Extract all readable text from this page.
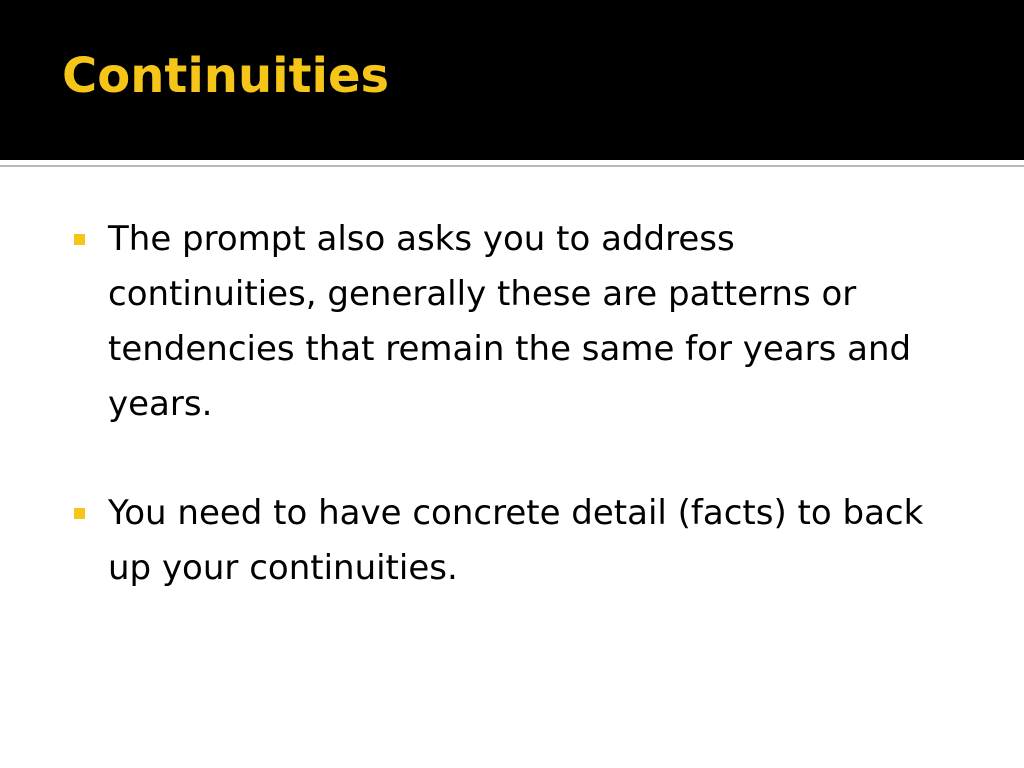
Continuities
The prompt also asks you to address continuities, generally these are patterns or tendencies that remain the same for years and years.
You need to have concrete detail (facts) to back up your continuities.
